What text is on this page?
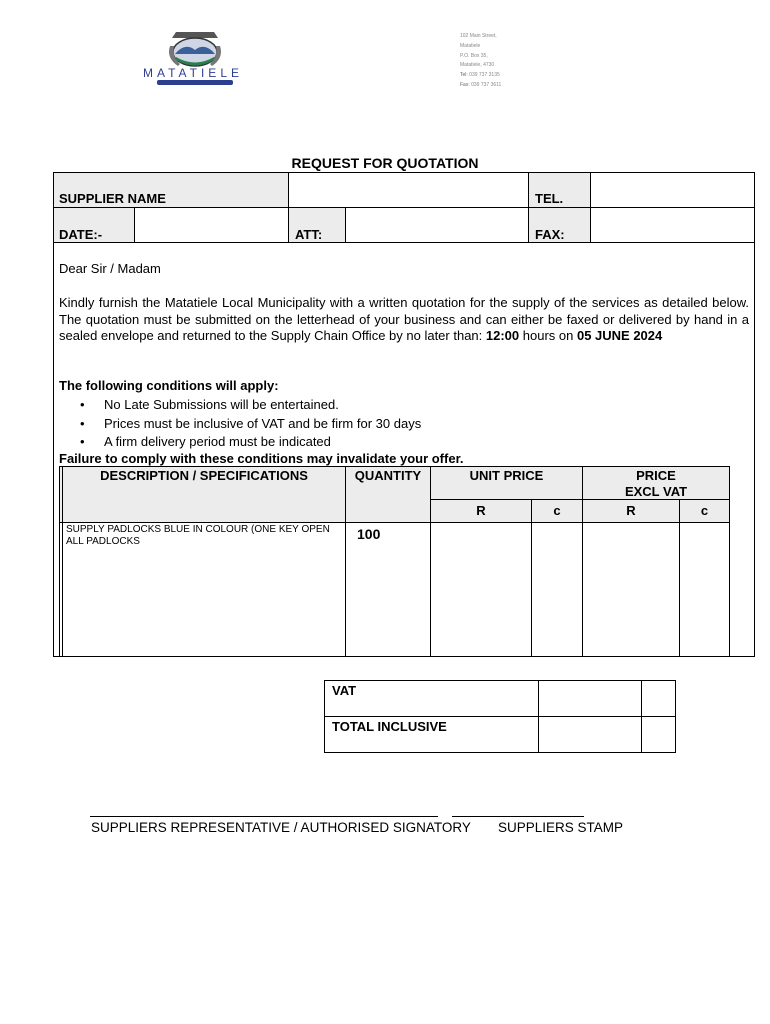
MATATIELE
102 Main Street,
Matatiele
P.O. Box 35,
Matatiele, 4730
Tel: 039 737 3135
Fax: 039 737 3611
REQUEST FOR QUOTATION
SUPPLIER NAME	TEL.
DATE:-	ATT:	FAX:
Dear Sir / Madam
Kindly furnish the Matatiele Local Municipality with a written quotation for the supply of the services as detailed below. The quotation must be submitted on the letterhead of your business and can either be faxed or delivered by hand in a sealed envelope and returned to the Supply Chain Office by no later than: 12:00 hours on 05 JUNE 2024
The following conditions will apply:
• No Late Submissions will be entertained.
• Prices must be inclusive of VAT and be firm for 30 days
• A firm delivery period must be indicated
Failure to comply with these conditions may invalidate your offer.
DESCRIPTION / SPECIFICATIONS	QUANTITY	UNIT PRICE	PRICE
EXCL VAT
R	c	R	c
SUPPLY PADLOCKS BLUE IN COLOUR (ONE KEY OPEN ALL PADLOCKS	100
VAT
TOTAL INCLUSIVE
SUPPLIERS REPRESENTATIVE / AUTHORISED SIGNATORY SUPPLIERS STAMP
